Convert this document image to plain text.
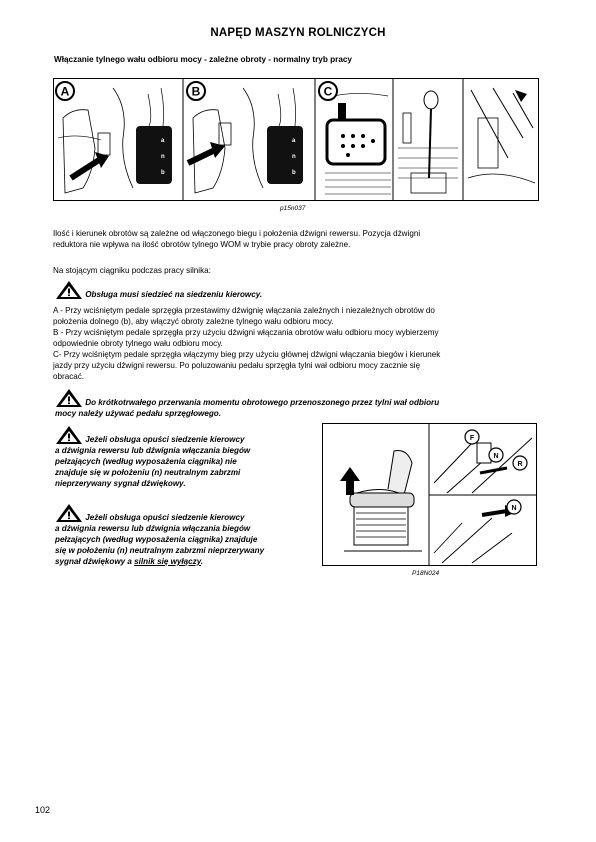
NAPĘD MASZYN ROLNICZYCH
Włączanie tylnego wału odbioru mocy - zależne obroty - normalny tryb pracy
A	B	C
a
n
b
a
n
b
p15n037
Ilość i kierunek obrotów są zależne od włączonego biegu i położenia dźwigni rewersu. Pozycja dźwigni
reduktora nie wpływa na ilość obrotów tylnego WOM w trybie pracy obroty zależne.
Na stojącym ciągniku podczas pracy silnika:
Obsługa musi siedzieć na siedzeniu kierowcy.
A - Przy wciśniętym pedale sprzęgła przestawimy dźwignię włączania zależnych i niezależnych obrotów do
położenia dolnego (b), aby włączyć obroty zależne tylnego wału odbioru mocy.
B - Przy wciśniętym pedale sprzęgła przy użyciu dźwigni włączania obrotów wału odbioru mocy wybierzemy
odpowiednie obroty tylnego wału odbioru mocy.
C- Przy wciśniętym pedale sprzęgła włączymy bieg przy użyciu głównej dźwigni włączania biegów i kierunek
jazdy przy użyciu dźwigni rewersu. Po poluzowaniu pedału sprzęgła tylni wał odbioru mocy zacznie się
obracać.
Do krótkotrwałego przerwania momentu obrotowego przenoszonego przez tylni wał odbioru
mocy należy używać pedału sprzęgłowego.
Jeżeli obsługa opuści siedzenie kierowcy
a dźwignia rewersu lub dźwignia włączania biegów
pełzających (według wyposażenia ciągnika) nie
znajduje się w położeniu (n) neutralnym zabrzmi
nieprzerywany sygnał dźwiękowy.
Jeżeli obsługa opuści siedzenie kierowcy
a dźwignia rewersu lub dźwignia włączania biegów
pełzających (według wyposażenia ciągnika) znajduje
się w położeniu (n) neutralnym zabrzmi nieprzerywany
sygnał dźwiękowy a silnik się wyłączy.
F
N
R
N
P18N024
102
